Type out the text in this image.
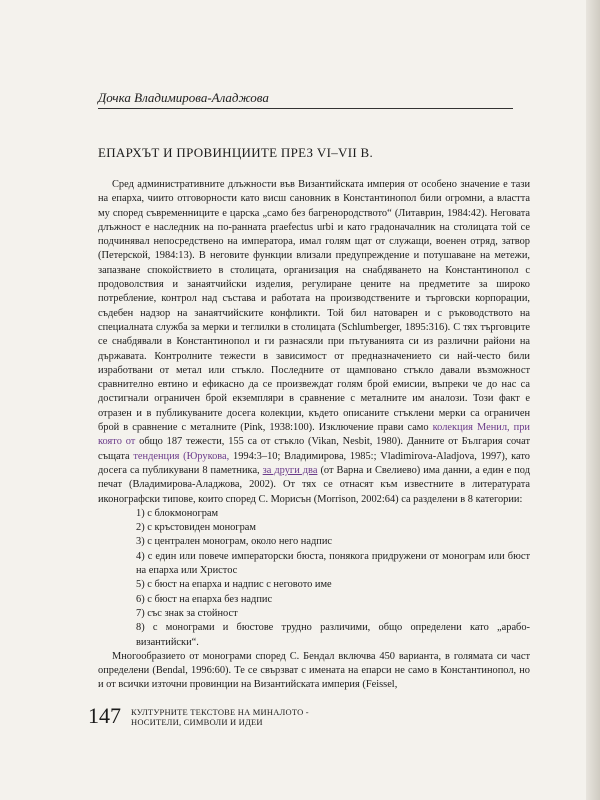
Дочка Владимирова-Аладжова
ЕПАРХЪТ И ПРОВИНЦИИТЕ ПРЕЗ VI–VII В.

Сред административните длъжности във Византийската империя от особено значение е тази на епарха, чиито отговорности като висш сановник в Константинопол били огромни, а властта му според съвременниците е царска „само без багренородството“ (Литаврин, 1984:42). Неговата длъжност е наследник на по-ранната praefectus urbi и като градоначалник на столицата той се подчинявал непосредствено на императора, имал голям щат от служащи, военен отряд, затвор (Петерской, 1984:13). В неговите функции влизали предупреждение и потушаване на метежи, запазване спокойствието в столицата, организация на снабдяването на Константинопол с продоволствия и занаятчийски изделия, регулиране цените на предметите за широко потребление, контрол над състава и работата на производствените и търговски корпорации, съдебен надзор на занаятчийските конфликти. Той бил натоварен и с ръководството на специалната служба за мерки и теглилки в столицата (Schlumberger, 1895:316). С тях търговците се снабдявали в Константинопол и ги разнасяли при пътуванията си из различни райони на държавата. Контролните тежести в зависимост от предназначението си най-често били изработвани от метал или стъкло. Последните от щамповано стъкло давали възможност сравнително евтино и ефикасно да се произвеждат голям брой емисии, въпреки че до нас са достигнали ограничен брой екземпляри в сравнение с металните им аналози. Този факт е отразен и в публикуваните досега колекции, където описаните стъклени мерки са ограничен брой в сравнение с металните (Pink, 1938:100). Изключение прави само колекция Менил, при която от общо 187 тежести, 155 са от стъкло (Vikan, Nesbit, 1980). Данните от България сочат същата тенденция (Юрукова, 1994:3–10; Владимирова, 1985:; Vladimirova-Aladjova, 1997), като досега са публикувани 8 паметника, за други два (от Варна и Свелиево) има данни, а един е под печат (Владимирова-Аладжова, 2002). От тях се отнасят към известните в литературата иконографски типове, които според С. Морисън (Morrison, 2002:64) са разделени в 8 категории:

1) с блокмонограм
2) с кръстовиден монограм
3) с централен монограм, около него надпис
4) с един или повече императорски бюста, понякога придружени от монограм или бюст на епарха или Христос
5) с бюст на епарха и надпис с неговото име
6) с бюст на епарха без надпис
7) със знак за стойност
8) с монограми и бюстове трудно различими, общо определени като „арабо-византийски“.

Многообразието от монограми според С. Бендал включва 450 варианта, в голямата си част определени (Bendal, 1996:60). Те се свързват с имената на епарси не само в Константинопол, но и от всички източни провинции на Византийската империя (Feissel,

147 КУЛТУРНИТЕ ТЕКСТОВЕ НА МИНАЛОТО -
НОСИТЕЛИ, СИМВОЛИ И ИДЕИ
